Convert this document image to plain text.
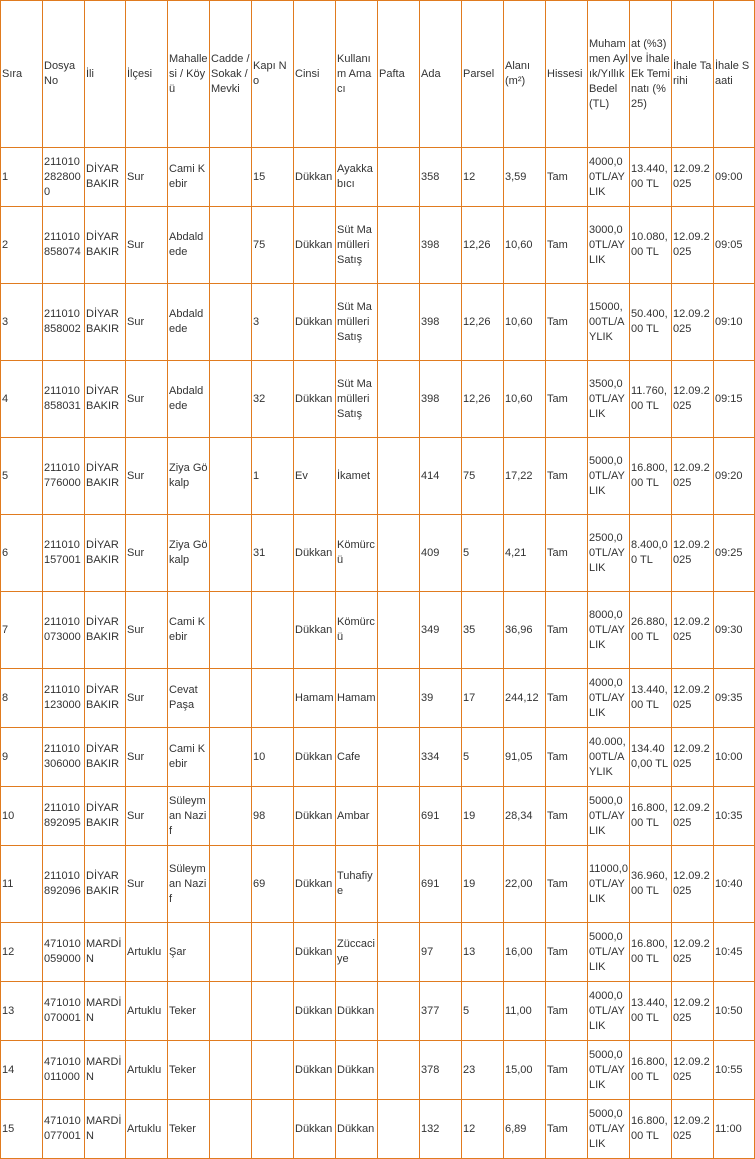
Sıra	Dosya No	İli	İlçesi	Mahallesi / Köyü	Cadde / Sokak / Mevki	Kapı No	Cinsi	Kullanım Amacı	Pafta	Ada	Parsel	Alanı (m²)	Hissesi	Muhammen Aylık/Yıllık Bedel (TL)	at (%3) ve İhale Ek Teminatı (%25)	İhale Tarihi	İhale Saati
1	2110102828000	DİYARBAKIR	Sur	Cami Kebir		15	Dükkan	Ayakkabıcı		358	12	3,59	Tam	4000,00TL/AYLIK	13.440,00 TL	12.09.2025	09:00
2	211010858074	DİYARBAKIR	Sur	Abdaldede		75	Dükkan	Süt Mamülleri Satış		398	12,26	10,60	Tam	3000,00TL/AYLIK	10.080,00 TL	12.09.2025	09:05
3	211010858002	DİYARBAKIR	Sur	Abdaldede		3	Dükkan	Süt Mamülleri Satış		398	12,26	10,60	Tam	15000,00TL/AYLIK	50.400,00 TL	12.09.2025	09:10
4	211010858031	DİYARBAKIR	Sur	Abdaldede		32	Dükkan	Süt Mamülleri Satış		398	12,26	10,60	Tam	3500,00TL/AYLIK	11.760,00 TL	12.09.2025	09:15
5	211010776000	DİYARBAKIR	Sur	Ziya Gökalp		1	Ev	İkamet		414	75	17,22	Tam	5000,00TL/AYLIK	16.800,00 TL	12.09.2025	09:20
6	211010157001	DİYARBAKIR	Sur	Ziya Gökalp		31	Dükkan	Kömürcü		409	5	4,21	Tam	2500,00TL/AYLIK	8.400,00 TL	12.09.2025	09:25
7	211010073000	DİYARBAKIR	Sur	Cami Kebir			Dükkan	Kömürcü		349	35	36,96	Tam	8000,00TL/AYLIK	26.880,00 TL	12.09.2025	09:30
8	211010123000	DİYARBAKIR	Sur	Cevat Paşa			Hamam	Hamam		39	17	244,12	Tam	4000,00TL/AYLIK	13.440,00 TL	12.09.2025	09:35
9	211010306000	DİYARBAKIR	Sur	Cami Kebir		10	Dükkan	Cafe		334	5	91,05	Tam	40.000,00TL/AYLIK	134.400,00 TL	12.09.2025	10:00
10	211010892095	DİYARBAKIR	Sur	Süleyman Nazif		98	Dükkan	Ambar		691	19	28,34	Tam	5000,00TL/AYLIK	16.800,00 TL	12.09.2025	10:35
11	211010892096	DİYARBAKIR	Sur	Süleyman Nazif		69	Dükkan	Tuhafiye		691	19	22,00	Tam	11000,00TL/AYLIK	36.960,00 TL	12.09.2025	10:40
12	471010059000	MARDİN	Artuklu	Şar			Dükkan	Züccaciye		97	13	16,00	Tam	5000,00TL/AYLIK	16.800,00 TL	12.09.2025	10:45
13	471010070001	MARDİN	Artuklu	Teker			Dükkan	Dükkan		377	5	11,00	Tam	4000,00TL/AYLIK	13.440,00 TL	12.09.2025	10:50
14	471010011000	MARDİN	Artuklu	Teker			Dükkan	Dükkan		378	23	15,00	Tam	5000,00TL/AYLIK	16.800,00 TL	12.09.2025	10:55
15	471010077001	MARDİN	Artuklu	Teker			Dükkan	Dükkan		132	12	6,89	Tam	5000,00TL/AYLIK	16.800,00 TL	12.09.2025	11:00
